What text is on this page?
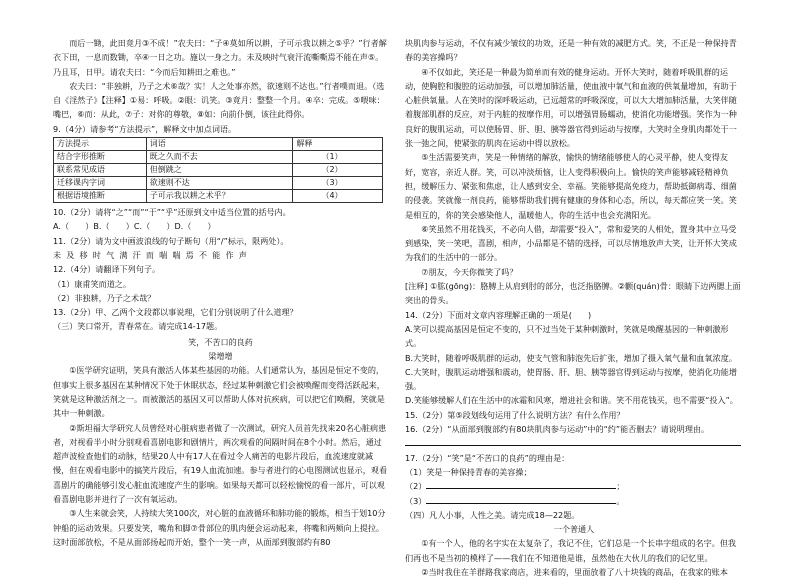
而后一锄，此田竟月③不成！”农夫曰：“子④莫如所以耕，子可示我以耕之⑤乎？”行者解衣下田，一息而数锄，卒④一日之功。施以一身之力。未及映时气衰汗流嘶嘶焉不能在声⑤。乃且耳，日甲。请农夫曰：“今而后知耕田之难也。”

农夫曰：“非独耕，乃子之术⑥哉？实！人之处事亦然，欲速则不达也。”行者噗而退。（选自《淫然子》【注释】①易：呼吸。②眼：讥笑。③竟月：整整一个月。④卒：完成。⑤喂味：嘴巴，⑥而：从此，⑦子：对你的尊敬，⑧如：向前仆倒，该往此得你。

9.（4分）请参考“方法提示”，解释文中加点词语。

方法提示	词语	解释
结合字形推断	既之久而不去	（1）
联系常见成语	但倒跳之	（2）
迁移课内字词	欲速则不达	（3）
根据语境推断	子可示我以耕之术乎？	（4）

10.（2分）请将“之”“而”“于”“乎”还原到文中适当位置的括号内。

A.（　　）B.（　　）C.（　　）D.（　　）

11.（2分）请为文中画波浪线的句子断句（用“/”标示，限两处）。

未 及 移 时 气 满 汗 而 喘 喘 焉 不 能 作 声

12.（4分）请翻译下列句子。

（1）康甫笑而道之。

（2）非独耕，乃子之术哉？

13.（2分）甲、乙两个文段都以事说理，它们分别说明了什么道理？

（三）笑口常开，青春常在。请完成14-17题。

笑，不苦口的良药

梁增增

①医学研究证明，笑具有激活人体某些基因的功能。人们通常认为，基因是恒定不变的，但事实上很多基因在某种情况下处于休眠状态，经过某种刺激它们会被唤醒而变得活跃起来，笑就是这种激活剂之一。而被激活的基因又可以帮助人体对抗疾病，可以把它们唤醒，笑就是其中一种刺激。

②斯坦福大学研究人员曾经对心脏病患者做了一次测试，研究人员首先找来20名心脏病患者，对视看半小时分别观看喜剧电影和剧情片，两次观看的间隔时间在8个小时。然后，通过超声波检查他们的动脉，结果20人中有17人在看过令人痛苦的电影片段后，血流速度就减慢，但在观看电影中的搞笑片段后，有19人血流加速。参与者进行的心电图测试也显示，观看喜剧片的确能够引发心脏血流速度产生的影响。如果每天都可以轻松愉悦的看一部片，可以观看喜剧电影并进行了一次有氧运动。

③人生来就会笑，人持续大笑100次，对心脏的血液循环和肺功能的锻炼，相当于划10分钟船的运动效果。只要发笑，嘴角和脚⑦骨部位的肌肉便会运动起来，将嘴和两颊向上提拉。这时面部放松，不是从面部扬起而开始，整个一笑一声，从面部到腹部约有80

块肌肉参与运动，不仅有减少皱纹的功效，还是一种有效的减肥方式。笑，不正是一种保持青春的美容操吗？

④不仅如此，笑还是一种最为简单而有效的健身运动。开怀大笑时，随着呼吸肌群的运动，使胸腔和腹腔的运动加强，可以增加肺活量，使血液中氧气和血液的供氧量增加，有助于心脏供氧量。人在笑时的深呼吸运动，已远超常的呼吸深度，可以大大增加肺活量，大笑伴随着腹部肌群的反应，对于内脏的按摩作用，可以增强胃肠蠕动，使消化功能增强。笑作为一种良好的腹肌运动，可以使肠胃、肝、胆、胰等器官得到运动与按摩，大笑时全身肌肉都处于一张一弛之间，使紧张的肌肉在运动中得以放松。

⑤生活需要笑声，笑是一种情绪的解放，愉快的情绪能够使人的心灵平静，使人变得友好，宽容，亲近人群。笑，可以冲淡烦恼，让人变得积极向上。愉快的笑声能够减轻精神负担，缓解压力、紧张和焦虑，让人感到安全、幸福。笑能够提高免疫力，帮助抵御病毒、细菌的侵袭。笑就像一剂良药，能够帮助我们拥有健康的身体和心态，所以，每天都应笑一笑。笑是相互的，你的笑会感染他人，温暖他人，你的生活中也会充满阳光。

⑥笑虽然不用花钱买，不必向人借，却需要“投入”，常和爱笑的人相处，置身其中立马受到感染，笑一笑吧，喜剧，相声，小品都是不错的选择，可以尽情地放声大笑，让开怀大笑成为我们的生活中的一部分。

⑦朋友，今天你微笑了吗？

[注释] ①肱(gōng)：胳膊上从肩到肘的部分，也泛指胳膊。②颧(quán)骨：眼睛下边两腮上面突出的骨头。

14.（2分）下面对文章内容理解正确的一项是(　　)

A.笑可以提高基因是恒定不变的，只不过当处于某种刺激时，笑就是唤醒基因的一种刺激形式。

B.大笑时，随着呼吸肌群的运动，使支气管和肺泡先后扩张，增加了摄入氧气量和血氧浓度。

C.大笑时，腹肌运动增强和震动，使胃肠、肝、胆、胰等器官得到运动与按摩，使消化功能增强。

D.笑能够缓解人们在生活中的冰霜和风寒，增进社会和谐。笑不用花钱买，也不需要“投入”。

15.（2分）第⑤段划线句运用了什么说明方法？有什么作用？

16.（2分）“从面部到腹部约有80块肌肉参与运动”中的“约”能否删去？请说明理由。

17.（2分）“笑”是“不苦口的良药”的理由是：

（1）笑是一种保持青春的美容操；

（2）	；

（3）	。

（四）凡人小事，人性之美。请完成18—22题。

一个普通人

①有一个人，他的名字实在太复杂了，我记不住，它们总是一个长串字组成的名字。但我们再也不是当初的模样了——我们在不知道他是谁，虽然他在大伙儿的我们的记忆里。

②当时我住在羊群路我家商店，进来看的，里面放着了八十块钱的商品，在我家的账本
